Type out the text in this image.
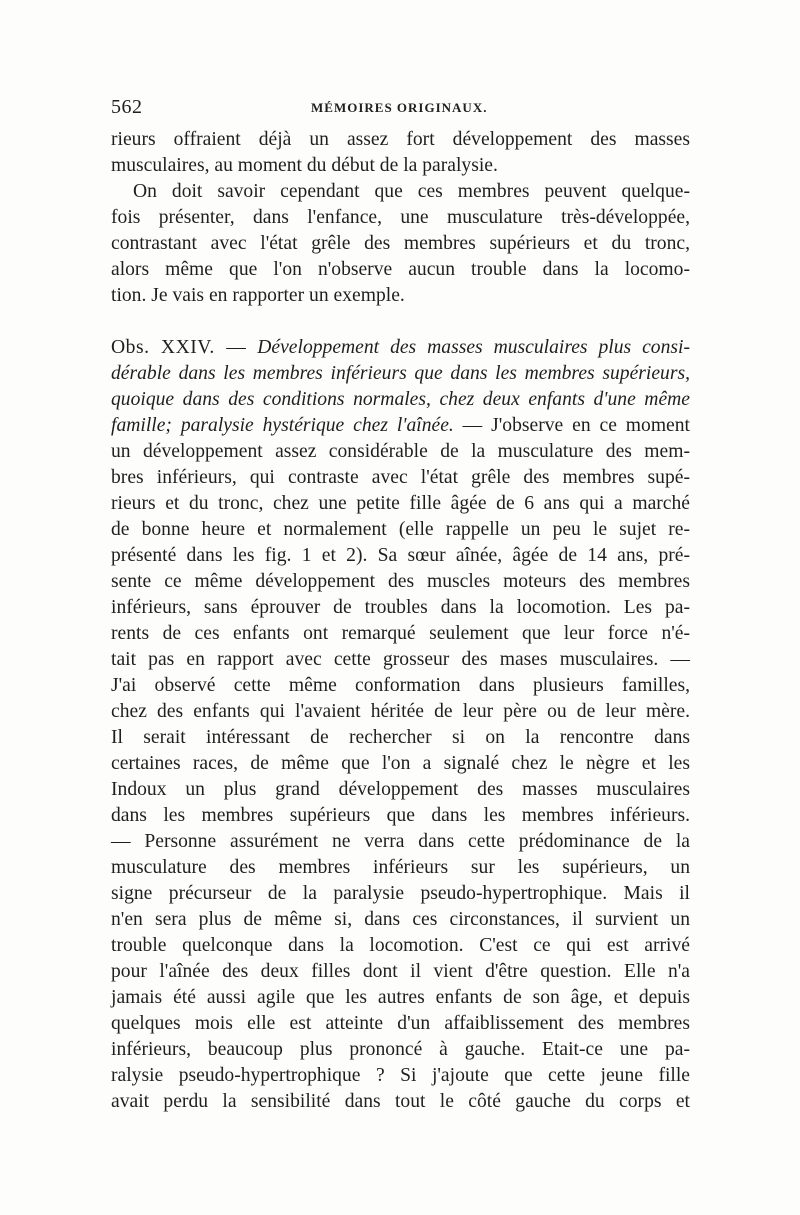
562	MÉMOIRES ORIGINAUX.
rieurs offraient déjà un assez fort développement des masses
musculaires, au moment du début de la paralysie.
On doit savoir cependant que ces membres peuvent quelque-
fois présenter, dans l'enfance, une musculature très-développée,
contrastant avec l'état grêle des membres supérieurs et du tronc,
alors même que l'on n'observe aucun trouble dans la locomo-
tion. Je vais en rapporter un exemple.
Obs. XXIV. — Développement des masses musculaires plus consi-
dérable dans les membres inférieurs que dans les membres supérieurs,
quoique dans des conditions normales, chez deux enfants d'une même
famille; paralysie hystérique chez l'aînée. — J'observe en ce moment
un développement assez considérable de la musculature des mem-
bres inférieurs, qui contraste avec l'état grêle des membres supé-
rieurs et du tronc, chez une petite fille âgée de 6 ans qui a marché
de bonne heure et normalement (elle rappelle un peu le sujet re-
présenté dans les fig. 1 et 2). Sa sœur aînée, âgée de 14 ans, pré-
sente ce même développement des muscles moteurs des membres
inférieurs, sans éprouver de troubles dans la locomotion. Les pa-
rents de ces enfants ont remarqué seulement que leur force n'é-
tait pas en rapport avec cette grosseur des mases musculaires. —
J'ai observé cette même conformation dans plusieurs familles,
chez des enfants qui l'avaient héritée de leur père ou de leur mère.
Il serait intéressant de rechercher si on la rencontre dans
certaines races, de même que l'on a signalé chez le nègre et les
Indoux un plus grand développement des masses musculaires
dans les membres supérieurs que dans les membres inférieurs.
— Personne assurément ne verra dans cette prédominance de la
musculature des membres inférieurs sur les supérieurs, un
signe précurseur de la paralysie pseudo-hypertrophique. Mais il
n'en sera plus de même si, dans ces circonstances, il survient un
trouble quelconque dans la locomotion. C'est ce qui est arrivé
pour l'aînée des deux filles dont il vient d'être question. Elle n'a
jamais été aussi agile que les autres enfants de son âge, et depuis
quelques mois elle est atteinte d'un affaiblissement des membres
inférieurs, beaucoup plus prononcé à gauche. Etait-ce une pa-
ralysie pseudo-hypertrophique ? Si j'ajoute que cette jeune fille
avait perdu la sensibilité dans tout le côté gauche du corps et
